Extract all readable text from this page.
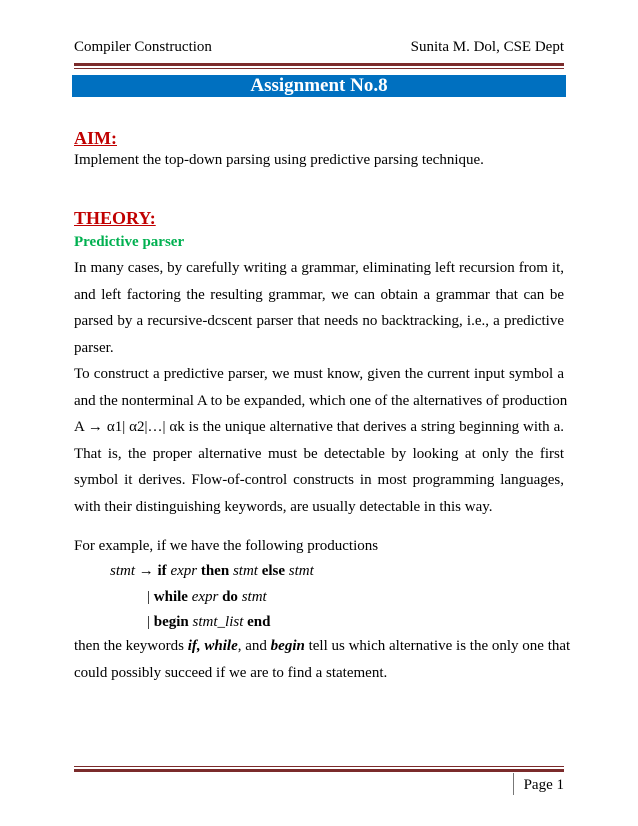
Compiler Construction	Sunita M. Dol, CSE Dept
Assignment No.8
AIM:
Implement the top-down parsing using predictive parsing technique.
THEORY:
Predictive parser
In many cases, by carefully writing a grammar, eliminating left recursion from it,
and left factoring the resulting grammar, we can obtain a grammar that can be
parsed by a recursive-dcscent parser that needs no backtracking, i.e., a predictive
parser.
To construct a predictive parser, we must know, given the current input symbol a
and the nonterminal A to be expanded, which one of the alternatives of production
A → α1| α2|…| αk is the unique alternative that derives a string beginning with a.
That is, the proper alternative must be detectable by looking at only the first
symbol it derives. Flow-of-control constructs in most programming languages,
with their distinguishing keywords, are usually detectable in this way.
For example, if we have the following productions
stmt → if expr then stmt else stmt
| while expr do stmt
| begin stmt_list end
then the keywords if, while, and begin tell us which alternative is the only one that
could possibly succeed if we are to find a statement.
Page 1
